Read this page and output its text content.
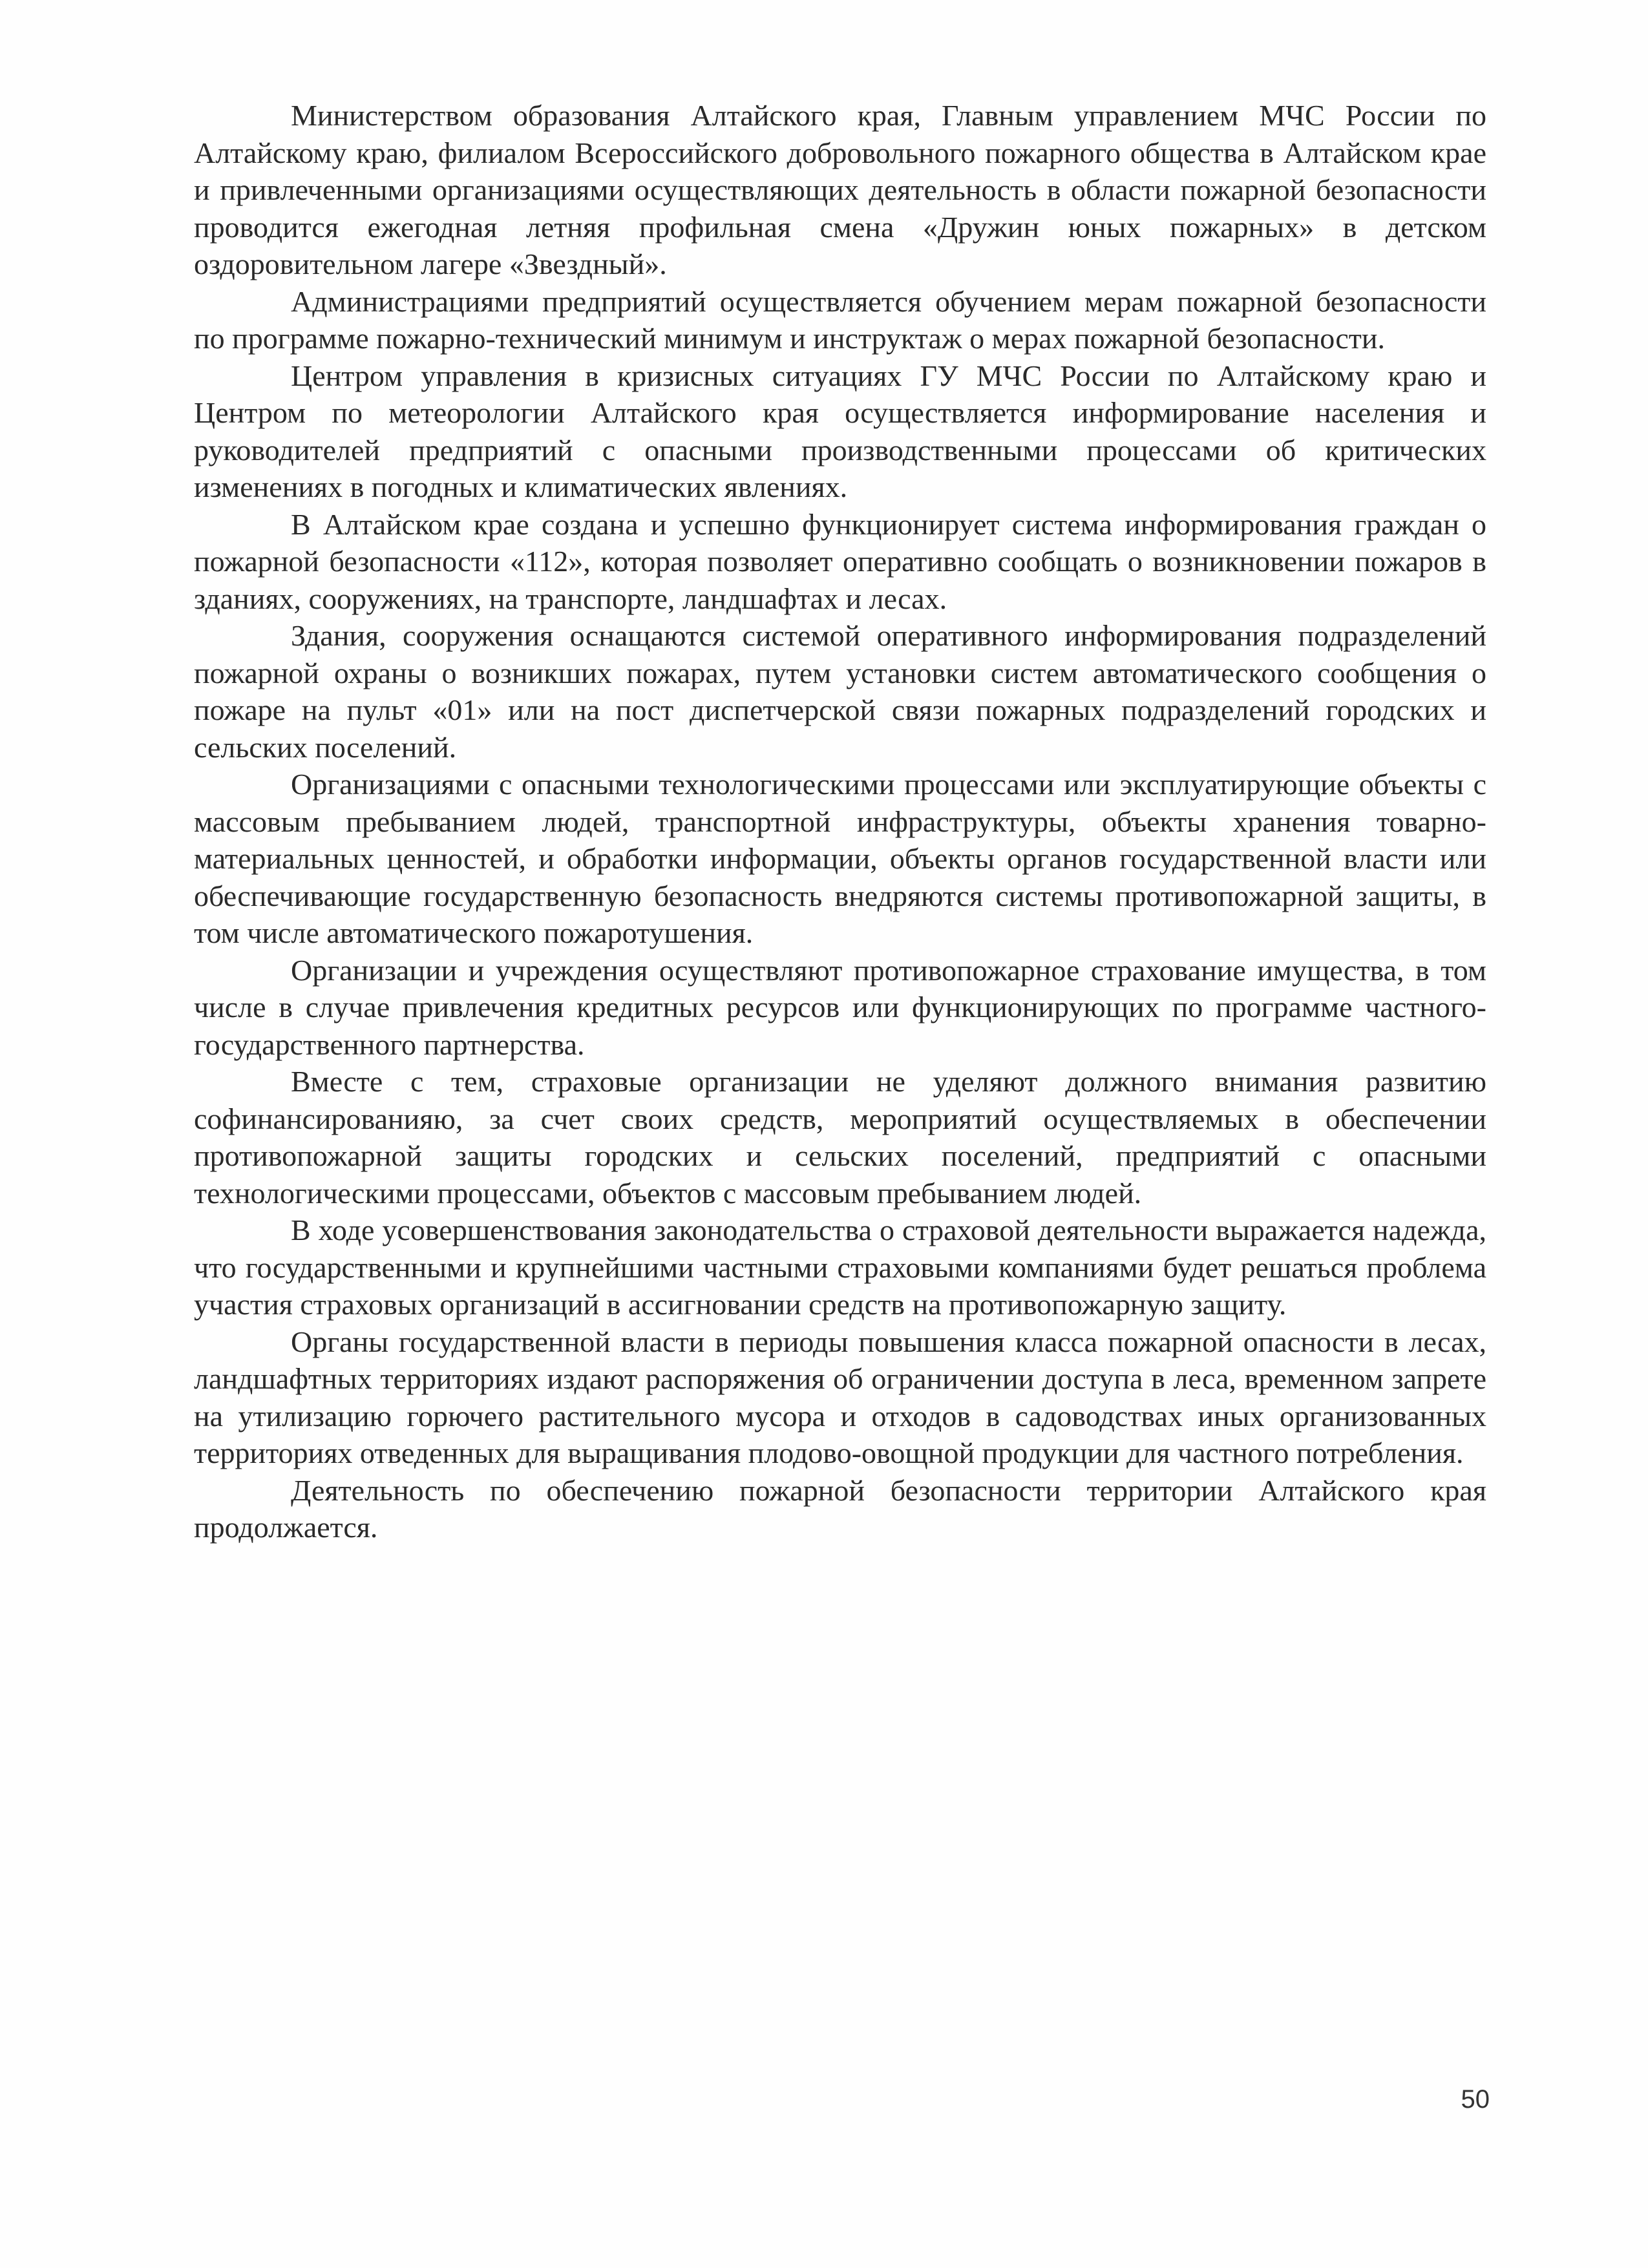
Министерством образования Алтайского края, Главным управлением МЧС России по Алтайскому краю, филиалом Всероссийского добровольного пожарного общества в Алтайском крае и привлеченными организациями осуществляющих деятельность в области пожарной безопасности проводится ежегодная летняя профильная смена «Дружин юных пожарных» в детском оздоровительном лагере «Звездный».

Администрациями предприятий осуществляется обучением мерам пожарной безопасности по программе пожарно-технический минимум и инструктаж о мерах пожарной безопасности.

Центром управления в кризисных ситуациях ГУ МЧС России по Алтайскому краю и Центром по метеорологии Алтайского края осуществляется информирование населения и руководителей предприятий с опасными производственными процессами об критических изменениях в погодных и климатических явлениях.

В Алтайском крае создана и успешно функционирует система информирования граждан о пожарной безопасности «112», которая позволяет оперативно сообщать о возникновении пожаров в зданиях, сооружениях, на транспорте, ландшафтах и лесах.

Здания, сооружения оснащаются системой оперативного информирования подразделений пожарной охраны о возникших пожарах, путем установки систем автоматического сообщения о пожаре на пульт «01» или на пост диспетчерской связи пожарных подразделений городских и сельских поселений.

Организациями с опасными технологическими процессами или эксплуатирующие объекты с массовым пребыванием людей, транспортной инфраструктуры, объекты хранения товарно-материальных ценностей, и обработки информации, объекты органов государственной власти или обеспечивающие государственную безопасность внедряются системы противопожарной защиты, в том числе автоматического пожаротушения.

Организации и учреждения осуществляют противопожарное страхование имущества, в том числе в случае привлечения кредитных ресурсов или функционирующих по программе частного-государственного партнерства.

Вместе с тем, страховые организации не уделяют должного внимания развитию софинансированияю, за счет своих средств, мероприятий осуществляемых в обеспечении противопожарной защиты городских и сельских поселений, предприятий с опасными технологическими процессами, объектов с массовым пребыванием людей.

В ходе усовершенствования законодательства о страховой деятельности выражается надежда, что государственными и крупнейшими частными страховыми компаниями будет решаться проблема участия страховых организаций в ассигновании средств на противопожарную защиту.

Органы государственной власти в периоды повышения класса пожарной опасности в лесах, ландшафтных территориях издают распоряжения об ограничении доступа в леса, временном запрете на утилизацию горючего растительного мусора и отходов в садоводствах иных организованных территориях отведенных для выращивания плодово-овощной продукции для частного потребления.

Деятельность по обеспечению пожарной безопасности территории Алтайского края продолжается.

50
